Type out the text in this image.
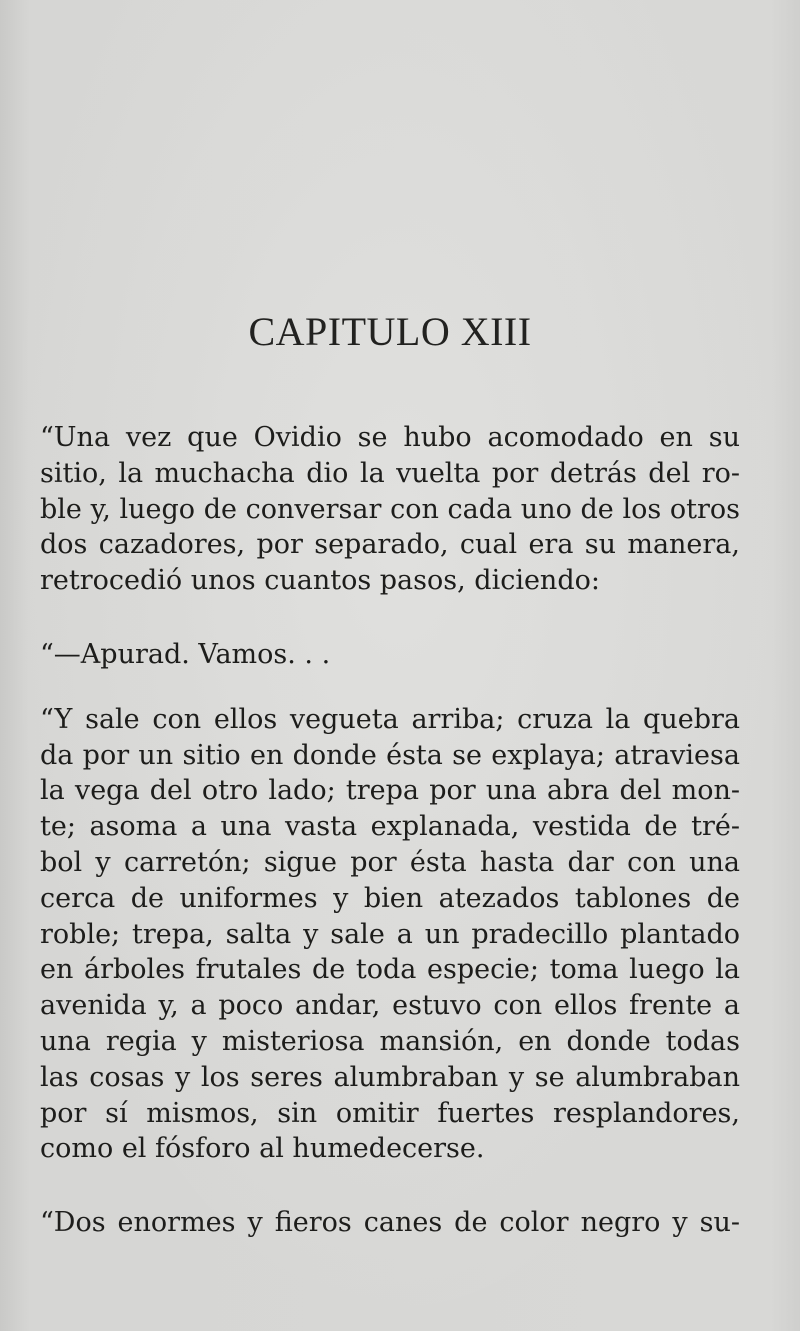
CAPITULO XIII

“Una vez que Ovidio se hubo acomodado en su
sitio, la muchacha dio la vuelta por detrás del ro-
ble y, luego de conversar con cada uno de los otros
dos cazadores, por separado, cual era su manera,
retrocedió unos cuantos pasos, diciendo:

“—Apurad. Vamos. . .

“Y sale con ellos vegueta arriba; cruza la quebra
da por un sitio en donde ésta se explaya; atraviesa
la vega del otro lado; trepa por una abra del mon-
te; asoma a una vasta explanada, vestida de tré-
bol y carretón; sigue por ésta hasta dar con una
cerca de uniformes y bien atezados tablones de
roble; trepa, salta y sale a un pradecillo plantado
en árboles frutales de toda especie; toma luego la
avenida y, a poco andar, estuvo con ellos frente a
una regia y misteriosa mansión, en donde todas
las cosas y los seres alumbraban y se alumbraban
por sí mismos, sin omitir fuertes resplandores,
como el fósforo al humedecerse.

“Dos enormes y fieros canes de color negro y su-
